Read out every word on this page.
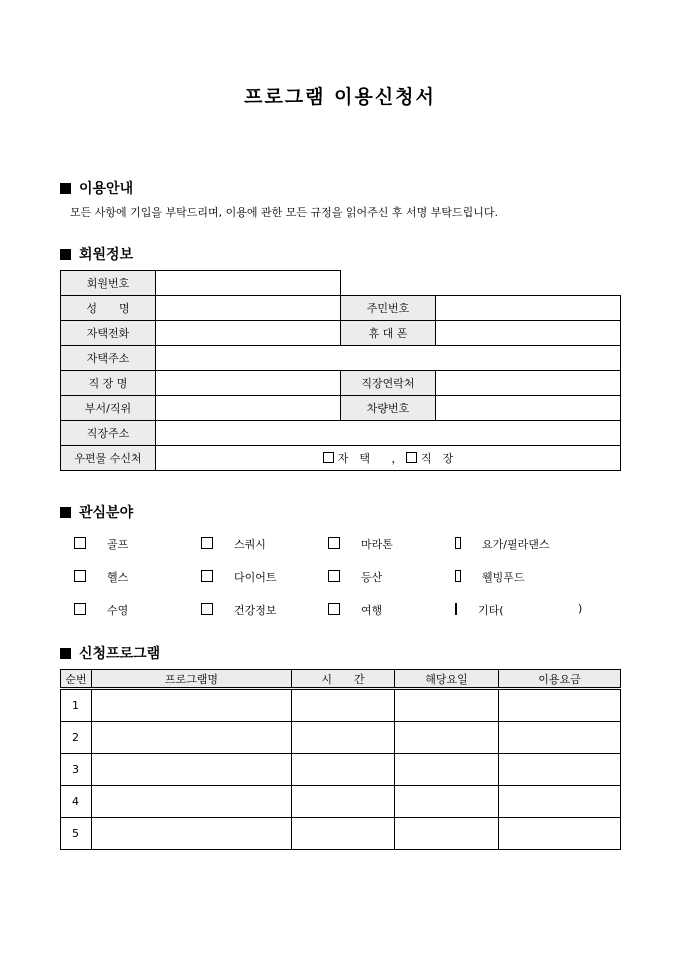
프로그램 이용신청서
이용안내
모든 사항에 기입을 부탁드리며, 이용에 관한 모든 규정을 읽어주신 후 서명 부탁드립니다.
회원정보
회원번호			
성　　명		주민번호	
자택전화		휴 대 폰	
자택주소			
직 장 명		직장연락처	
부서/직위		차량번호	
직장주소			
우편물 수신처	자　택 ， 직　장		
관심분야
골프	스쿼시	마라톤	요가/필라댄스
헬스	다이어트	등산	웰빙푸드
수영	건강정보	여행	기타(	)
신청프로그램
순번	프로그램명	시　　간	해당요일	이용요금
1				
2				
3				
4				
5				
